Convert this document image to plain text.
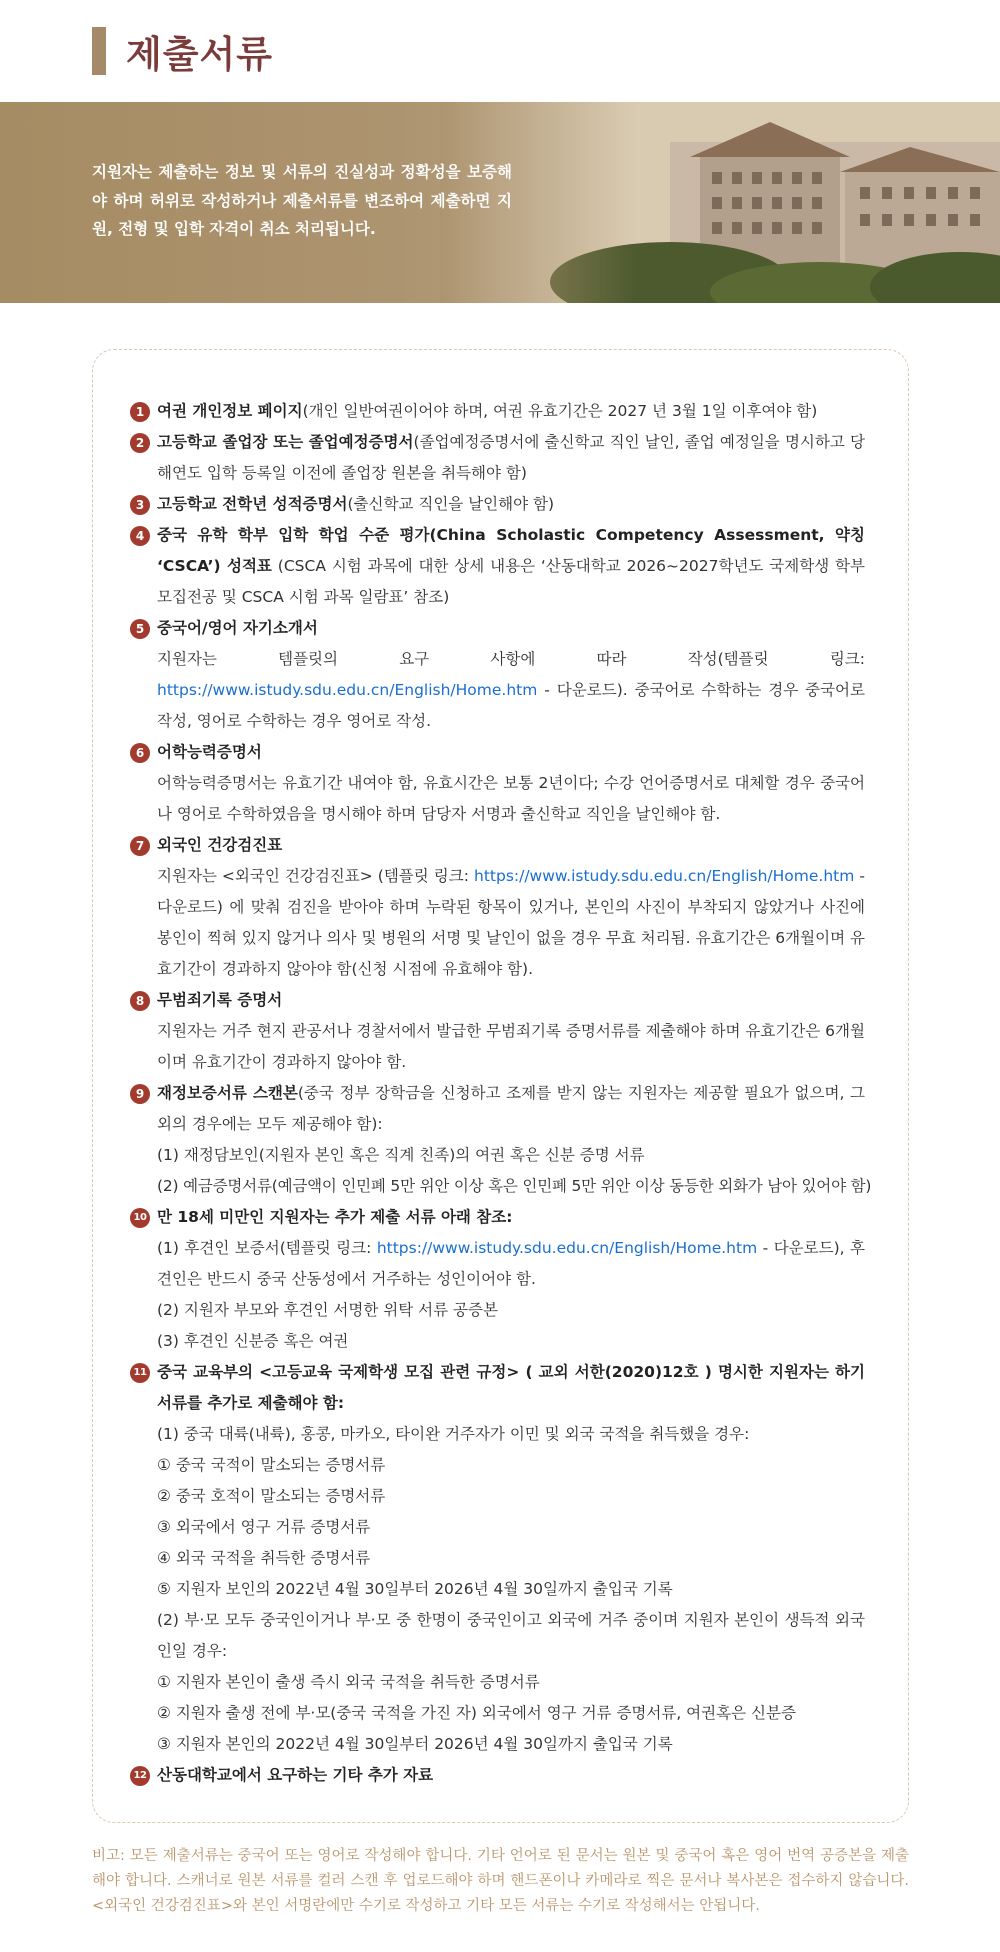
제출서류

지원자는 제출하는 정보 및 서류의 진실성과 정확성을 보증해야 하며 허위로 작성하거나 제출서류를 변조하여 제출하면 지원, 전형 및 입학 자격이 취소 처리됩니다.

1 여권 개인정보 페이지(개인 일반여권이어야 하며, 여권 유효기간은 2027 년 3월 1일 이후여야 함)
2 고등학교 졸업장 또는 졸업예정증명서(졸업예정증명서에 출신학교 직인 날인, 졸업 예정일을 명시하고 당해연도 입학 등록일 이전에 졸업장 원본을 취득해야 함)
3 고등학교 전학년 성적증명서(출신학교 직인을 날인해야 함)
4 중국 유학 학부 입학 학업 수준 평가(China Scholastic Competency Assessment, 약칭 ‘CSCA’) 성적표 (CSCA 시험 과목에 대한 상세 내용은 ‘산동대학교 2026~2027학년도 국제학생 학부 모집전공 및 CSCA 시험 과목 일람표’ 참조)
5 중국어/영어 자기소개서
지원자는 템플릿의 요구 사항에 따라 작성(템플릿 링크:
https://www.istudy.sdu.edu.cn/English/Home.htm - 다운로드). 중국어로 수학하는 경우 중국어로 작성, 영어로 수학하는 경우 영어로 작성.
6 어학능력증명서
어학능력증명서는 유효기간 내여야 함, 유효시간은 보통 2년이다; 수강 언어증명서로 대체할 경우 중국어나 영어로 수학하였음을 명시해야 하며 담당자 서명과 출신학교 직인을 날인해야 함.
7 외국인 건강검진표
지원자는 <외국인 건강검진표> (템플릿 링크: https://www.istudy.sdu.edu.cn/English/Home.htm - 다운로드) 에 맞춰 검진을 받아야 하며 누락된 항목이 있거나, 본인의 사진이 부착되지 않았거나 사진에 봉인이 찍혀 있지 않거나 의사 및 병원의 서명 및 날인이 없을 경우 무효 처리됨. 유효기간은 6개월이며 유효기간이 경과하지 않아야 함(신청 시점에 유효해야 함).
8 무범죄기록 증명서
지원자는 거주 현지 관공서나 경찰서에서 발급한 무범죄기록 증명서류를 제출해야 하며 유효기간은 6개월이며 유효기간이 경과하지 않아야 함.
9 재정보증서류 스캔본(중국 정부 장학금을 신청하고 조제를 받지 않는 지원자는 제공할 필요가 없으며, 그 외의 경우에는 모두 제공해야 함):
(1) 재정담보인(지원자 본인 혹은 직계 친족)의 여권 혹은 신분 증명 서류
(2) 예금증명서류(예금액이 인민폐 5만 위안 이상 혹은 인민폐 5만 위안 이상 동등한 외화가 남아 있어야 함)
10 만 18세 미만인 지원자는 추가 제출 서류 아래 참조:
(1) 후견인 보증서(템플릿 링크: https://www.istudy.sdu.edu.cn/English/Home.htm - 다운로드), 후견인은 반드시 중국 산동성에서 거주하는 성인이어야 함.
(2) 지원자 부모와 후견인 서명한 위탁 서류 공증본
(3) 후견인 신분증 혹은 여권
11 중국 교육부의 <고등교육 국제학생 모집 관련 규정> ( 교외 서한(2020)12호 ) 명시한 지원자는 하기 서류를 추가로 제출해야 함:
(1) 중국 대륙(내륙), 홍콩, 마카오, 타이완 거주자가 이민 및 외국 국적을 취득했을 경우:
① 중국 국적이 말소되는 증명서류
② 중국 호적이 말소되는 증명서류
③ 외국에서 영구 거류 증명서류
④ 외국 국적을 취득한 증명서류
⑤ 지원자 보인의 2022년 4월 30일부터 2026년 4월 30일까지 출입국 기록
(2) 부·모 모두 중국인이거나 부·모 중 한명이 중국인이고 외국에 거주 중이며 지원자 본인이 생득적 외국인일 경우:
① 지원자 본인이 출생 즉시 외국 국적을 취득한 증명서류
② 지원자 출생 전에 부·모(중국 국적을 가진 자) 외국에서 영구 거류 증명서류, 여권혹은 신분증
③ 지원자 본인의 2022년 4월 30일부터 2026년 4월 30일까지 출입국 기록
12 산동대학교에서 요구하는 기타 추가 자료

비고: 모든 제출서류는 중국어 또는 영어로 작성해야 합니다. 기타 언어로 된 문서는 원본 및 중국어 혹은 영어 번역 공증본을 제출해야 합니다. 스캐너로 원본 서류를 컬러 스캔 후 업로드해야 하며 핸드폰이나 카메라로 찍은 문서나 복사본은 접수하지 않습니다. <외국인 건강검진표>와 본인 서명란에만 수기로 작성하고 기타 모든 서류는 수기로 작성해서는 안됩니다.
